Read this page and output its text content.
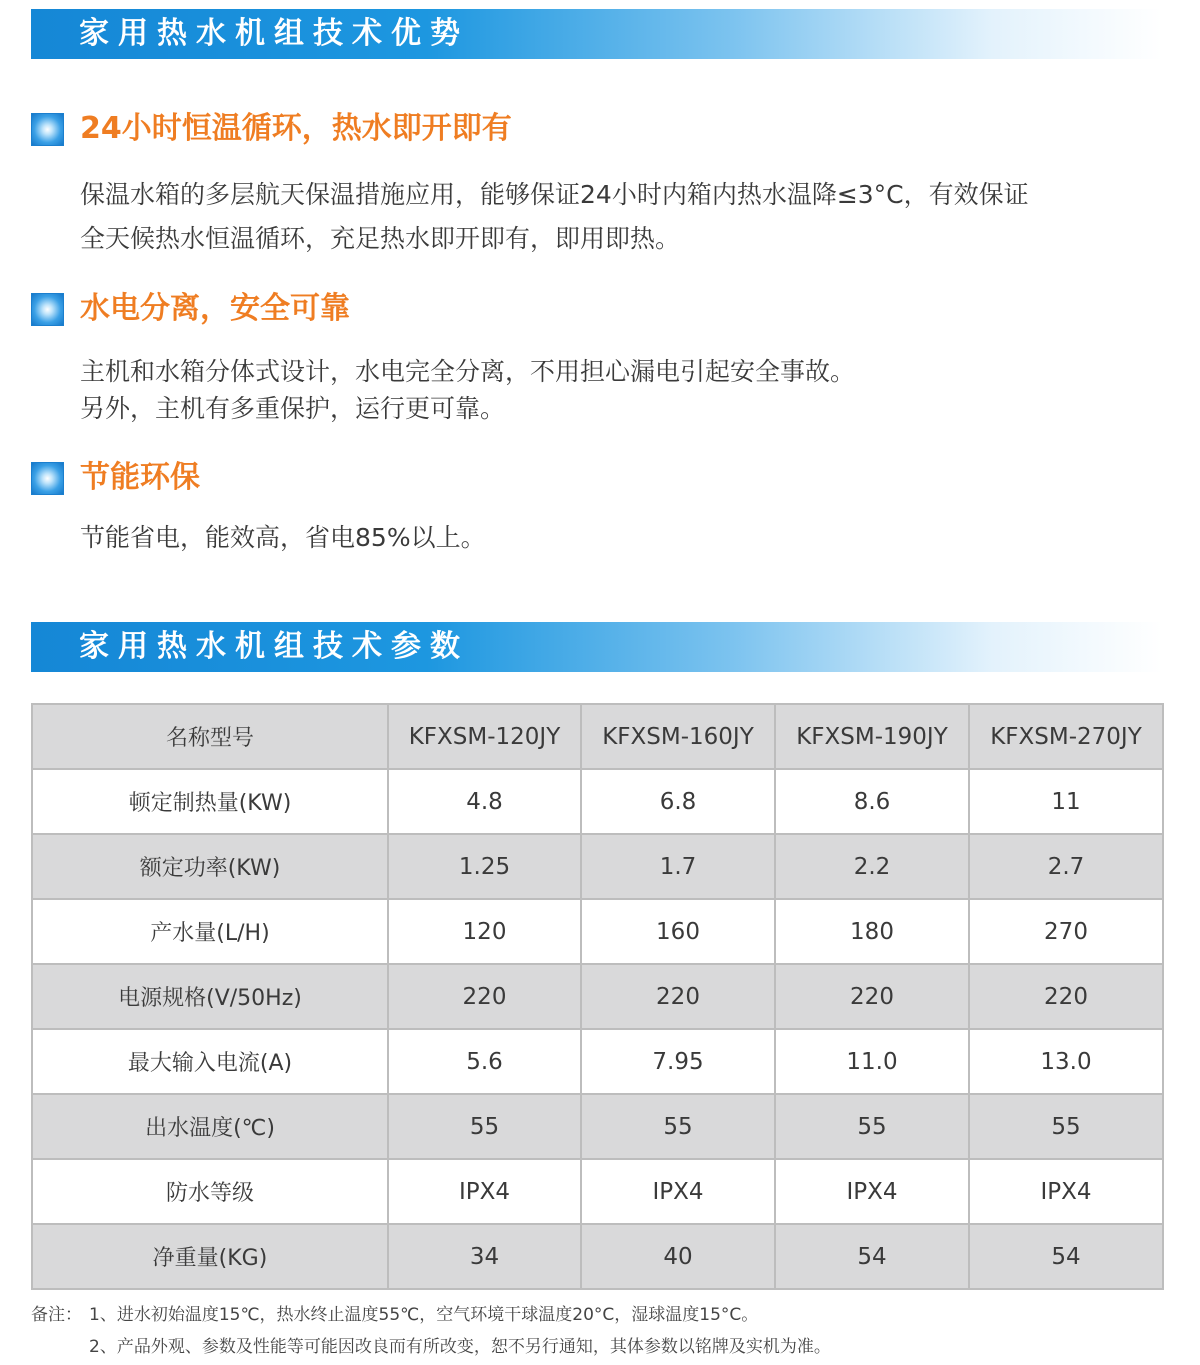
家用热水机组技术优势
24小时恒温循环，热水即开即有
保温水箱的多层航天保温措施应用，能够保证24小时内箱内热水温降≤3°C，有效保证
全天候热水恒温循环，充足热水即开即有，即用即热。
水电分离，安全可靠
主机和水箱分体式设计，水电完全分离，不用担心漏电引起安全事故。
另外，主机有多重保护，运行更可靠。
节能环保
节能省电，能效高，省电85%以上。
家用热水机组技术参数
名称型号	KFXSM-120JY	KFXSM-160JY	KFXSM-190JY	KFXSM-270JY
顿定制热量(KW)	4.8	6.8	8.6	11
额定功率(KW)	1.25	1.7	2.2	2.7
产水量(L/H)	120	160	180	270
电源规格(V/50Hz)	220	220	220	220
最大输入电流(A)	5.6	7.95	11.0	13.0
出水温度(℃)	55	55	55	55
防水等级	IPX4	IPX4	IPX4	IPX4
净重量(KG)	34	40	54	54
备注： 1、进水初始温度15℃，热水终止温度55℃，空气环境干球温度20°C，湿球温度15°C。
2、产品外观、参数及性能等可能因改良而有所改变，恕不另行通知，其体参数以铭牌及实机为准。
